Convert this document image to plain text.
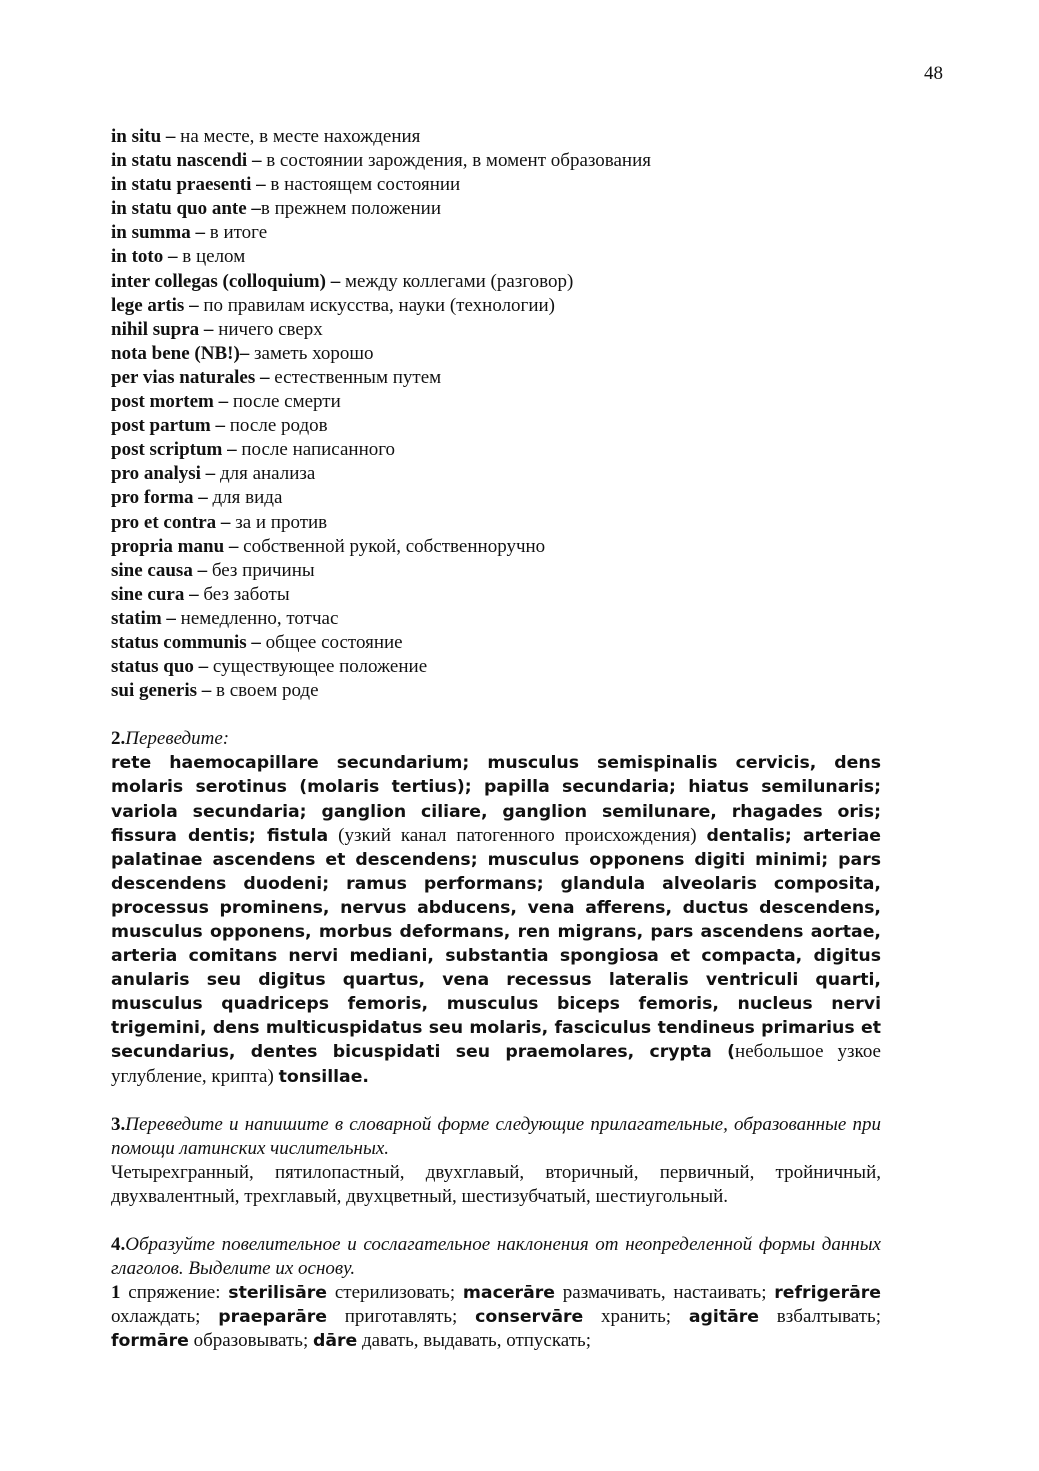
48
in situ – на месте, в месте нахождения
in statu nascendi – в состоянии зарождения, в момент образования
in statu praesenti – в настоящем состоянии
in statu quo ante –в прежнем положении
in summa – в итоге
in toto – в целом
inter collegas (colloquium) – между коллегами (разговор)
lege artis – по правилам искусства, науки (технологии)
nihil supra – ничего сверх
nota bene (NB!)– заметь хорошо
per vias naturales – естественным путем
post mortem – после смерти
post partum – после родов
post scriptum – после написанного
pro analysi – для анализа
pro forma – для вида
pro et contra – за и против
propria manu – собственной рукой, собственноручно
sine causa – без причины
sine cura – без заботы
statim – немедленно, тотчас
status communis – общее состояние
status quo – существующее положение
sui generis – в своем роде

2.Переведите:

rete haemocapillare secundarium; musculus semispinalis cervicis, dens molaris serotinus (molaris tertius); papilla secundaria; hiatus semilunaris; variola secundaria; ganglion ciliare, ganglion semilunare, rhagades oris; fissura dentis; fistula (узкий канал патогенного происхождения) dentalis; arteriae palatinae ascendens et descendens; musculus opponens digiti minimi; pars descendens duodeni; ramus performans; glandula alveolaris composita, processus prominens, nervus abducens, vena afferens, ductus descendens, musculus opponens, morbus deformans, ren migrans, pars ascendens aortae, arteria comitans nervi mediani, substantia spongiosa et compacta, digitus anularis seu digitus quartus, vena recessus lateralis ventriculi quarti, musculus quadriceps femoris, musculus biceps femoris, nucleus nervi trigemini, dens multicuspidatus seu molaris, fasciculus tendineus primarius et secundarius, dentes bicuspidati seu praemolares, crypta (небольшое узкое углубление, крипта) tonsillae.

3.Переведите и напишите в словарной форме следующие прилагательные, образованные при помощи латинских числительных.

Четырехгранный, пятилопастный, двухглавый, вторичный, первичный, тройничный, двухвалентный, трехглавый, двухцветный, шестизубчатый, шестиугольный.

4.Образуйте повелительное и сослагательное наклонения от неопределенной формы данных глаголов. Выделите их основу.

1 спряжение: sterilisāre стерилизовать; macerāre размачивать, настаивать; refrigerāre охлаждать; praeparāre приготавлять; conservāre хранить; agitāre взбалтывать; formāre образовывать; dāre давать, выдавать, отпускать;
